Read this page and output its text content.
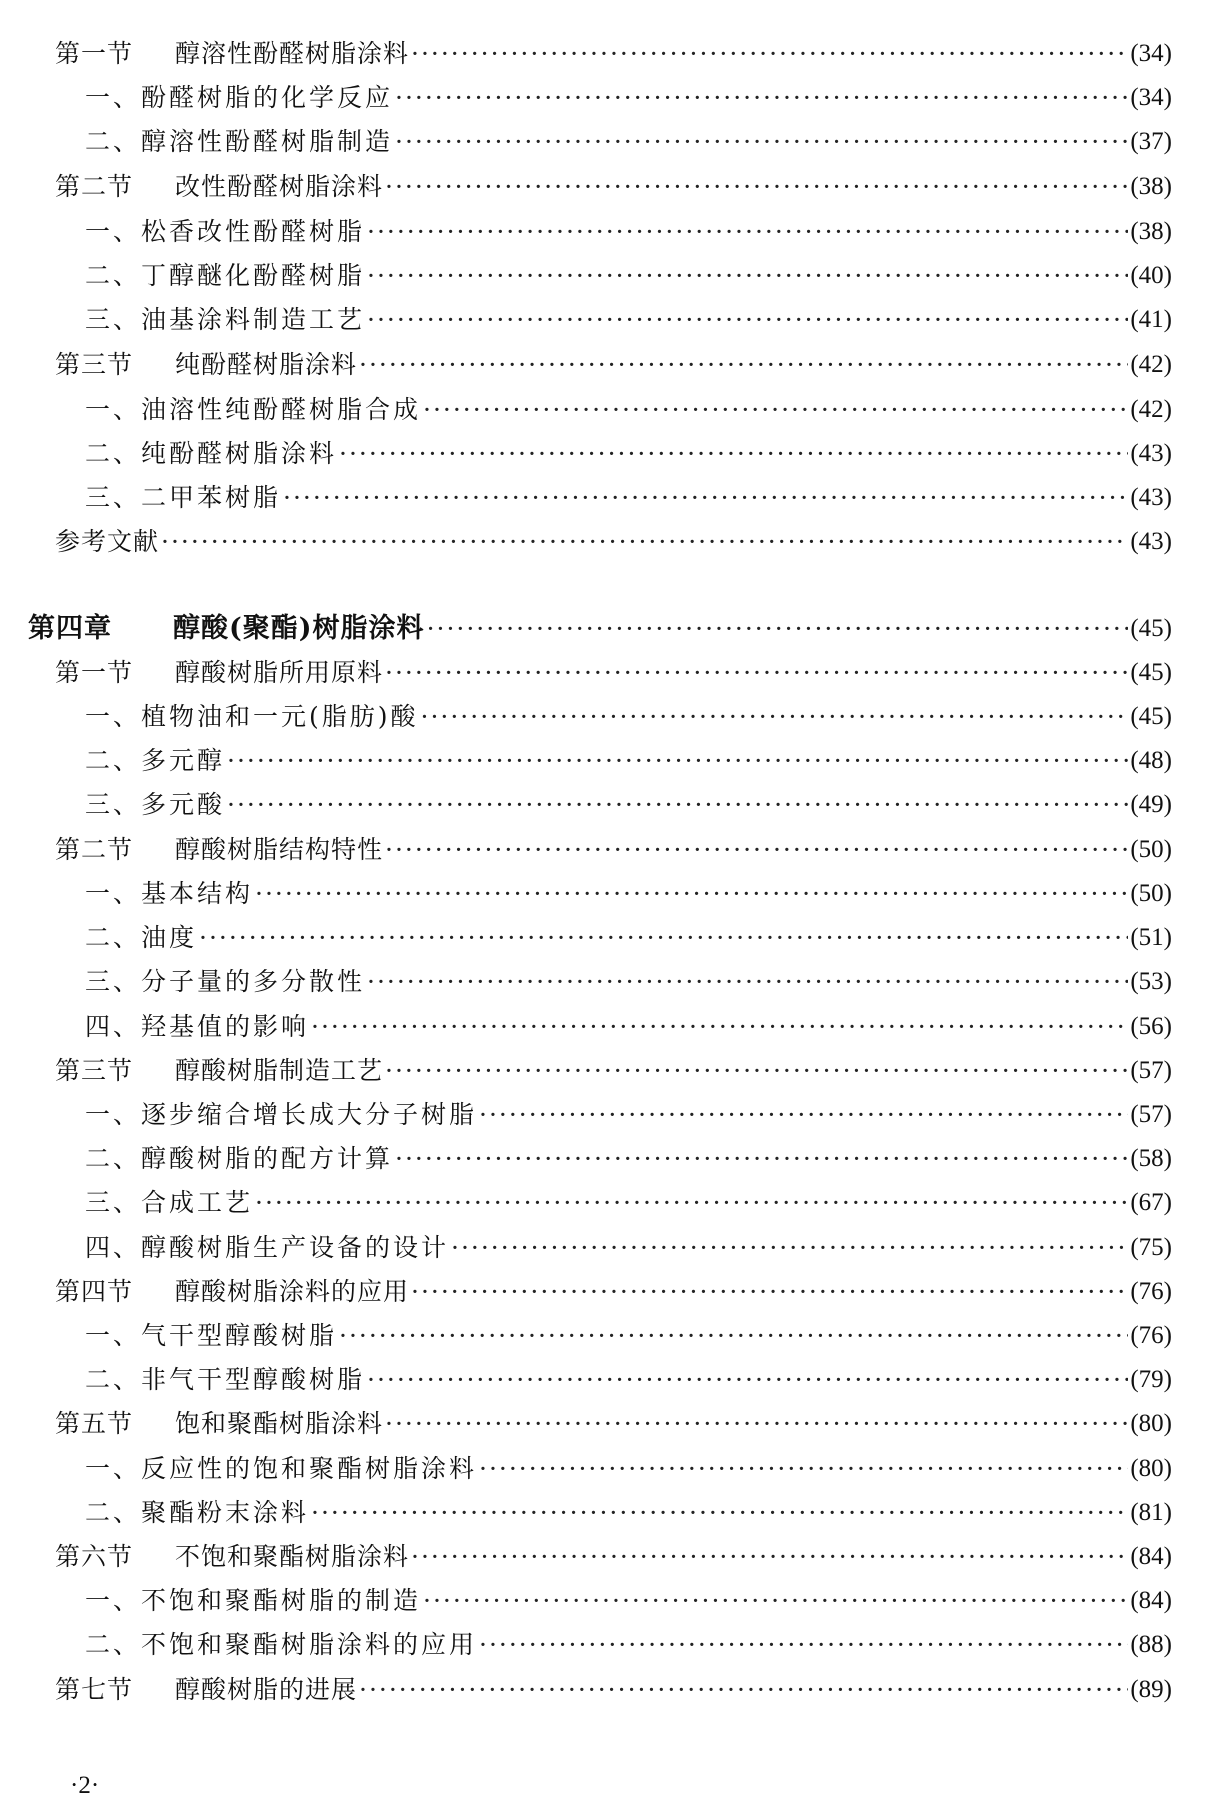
第一节 醇溶性酚醛树脂涂料 ·····	(34)
一、酚醛树脂的化学反应 ·····	(34)
二、醇溶性酚醛树脂制造 ·····	(37)
第二节 改性酚醛树脂涂料 ·····	(38)
一、松香改性酚醛树脂 ·····	(38)
二、丁醇醚化酚醛树脂 ·····	(40)
三、油基涂料制造工艺 ·····	(41)
第三节 纯酚醛树脂涂料 ·····	(42)
一、油溶性纯酚醛树脂合成 ·····	(42)
二、纯酚醛树脂涂料 ·····	(43)
三、二甲苯树脂 ·····	(43)
参考文献 ·····	(43)
第四章 醇酸(聚酯)树脂涂料 ·····	(45)
第一节 醇酸树脂所用原料 ·····	(45)
一、植物油和一元(脂肪)酸 ·····	(45)
二、多元醇 ·····	(48)
三、多元酸 ·····	(49)
第二节 醇酸树脂结构特性 ·····	(50)
一、基本结构 ·····	(50)
二、油度 ·····	(51)
三、分子量的多分散性 ·····	(53)
四、羟基值的影响 ·····	(56)
第三节 醇酸树脂制造工艺 ·····	(57)
一、逐步缩合增长成大分子树脂 ·····	(57)
二、醇酸树脂的配方计算 ·····	(58)
三、合成工艺 ·····	(67)
四、醇酸树脂生产设备的设计 ·····	(75)
第四节 醇酸树脂涂料的应用 ·····	(76)
一、气干型醇酸树脂 ·····	(76)
二、非气干型醇酸树脂 ·····	(79)
第五节 饱和聚酯树脂涂料 ·····	(80)
一、反应性的饱和聚酯树脂涂料 ·····	(80)
二、聚酯粉末涂料 ·····	(81)
第六节 不饱和聚酯树脂涂料 ·····	(84)
一、不饱和聚酯树脂的制造 ·····	(84)
二、不饱和聚酯树脂涂料的应用 ·····	(88)
第七节 醇酸树脂的进展 ·····	(89)
·2·
